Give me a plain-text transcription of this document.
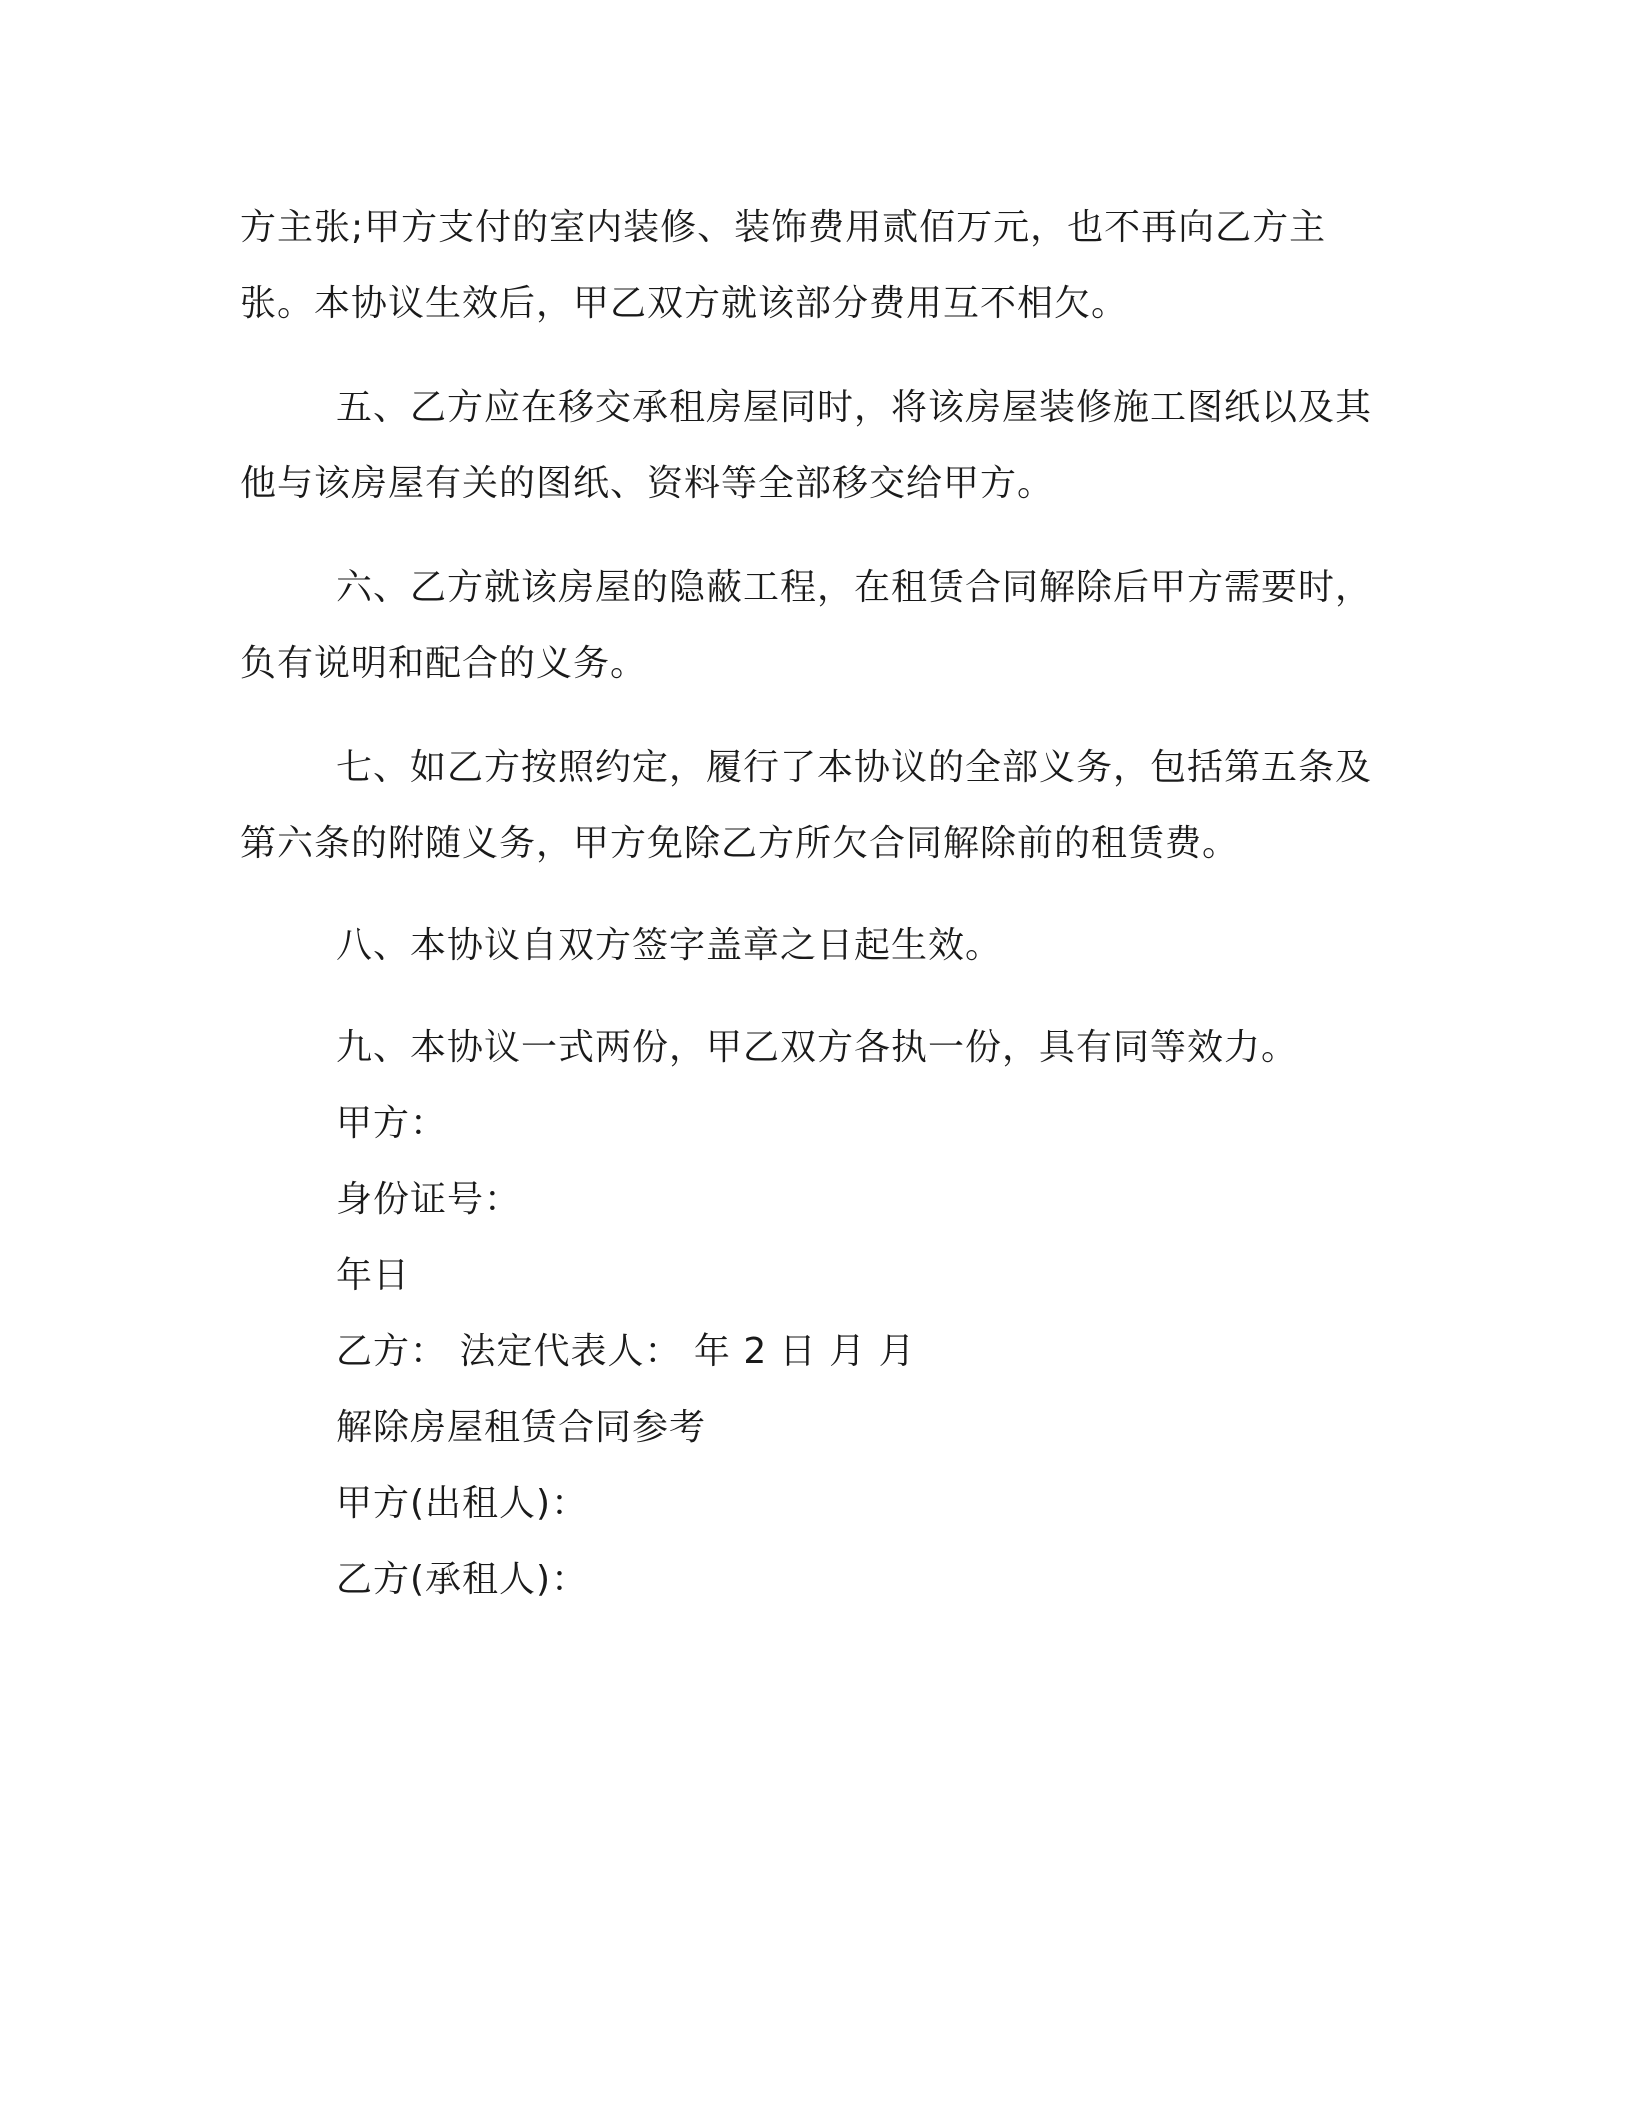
方主张;甲方支付的室内装修、装饰费用贰佰万元，也不再向乙方主张。本协议生效后，甲乙双方就该部分费用互不相欠。

五、乙方应在移交承租房屋同时，将该房屋装修施工图纸以及其他与该房屋有关的图纸、资料等全部移交给甲方。

六、乙方就该房屋的隐蔽工程，在租赁合同解除后甲方需要时，负有说明和配合的义务。

七、如乙方按照约定，履行了本协议的全部义务，包括第五条及第六条的附随义务，甲方免除乙方所欠合同解除前的租赁费。

八、本协议自双方签字盖章之日起生效。

九、本协议一式两份，甲乙双方各执一份，具有同等效力。

甲方：

身份证号：

年日

乙方： 法定代表人： 年 2 日 月 月

解除房屋租赁合同参考

甲方(出租人)：

乙方(承租人)：
